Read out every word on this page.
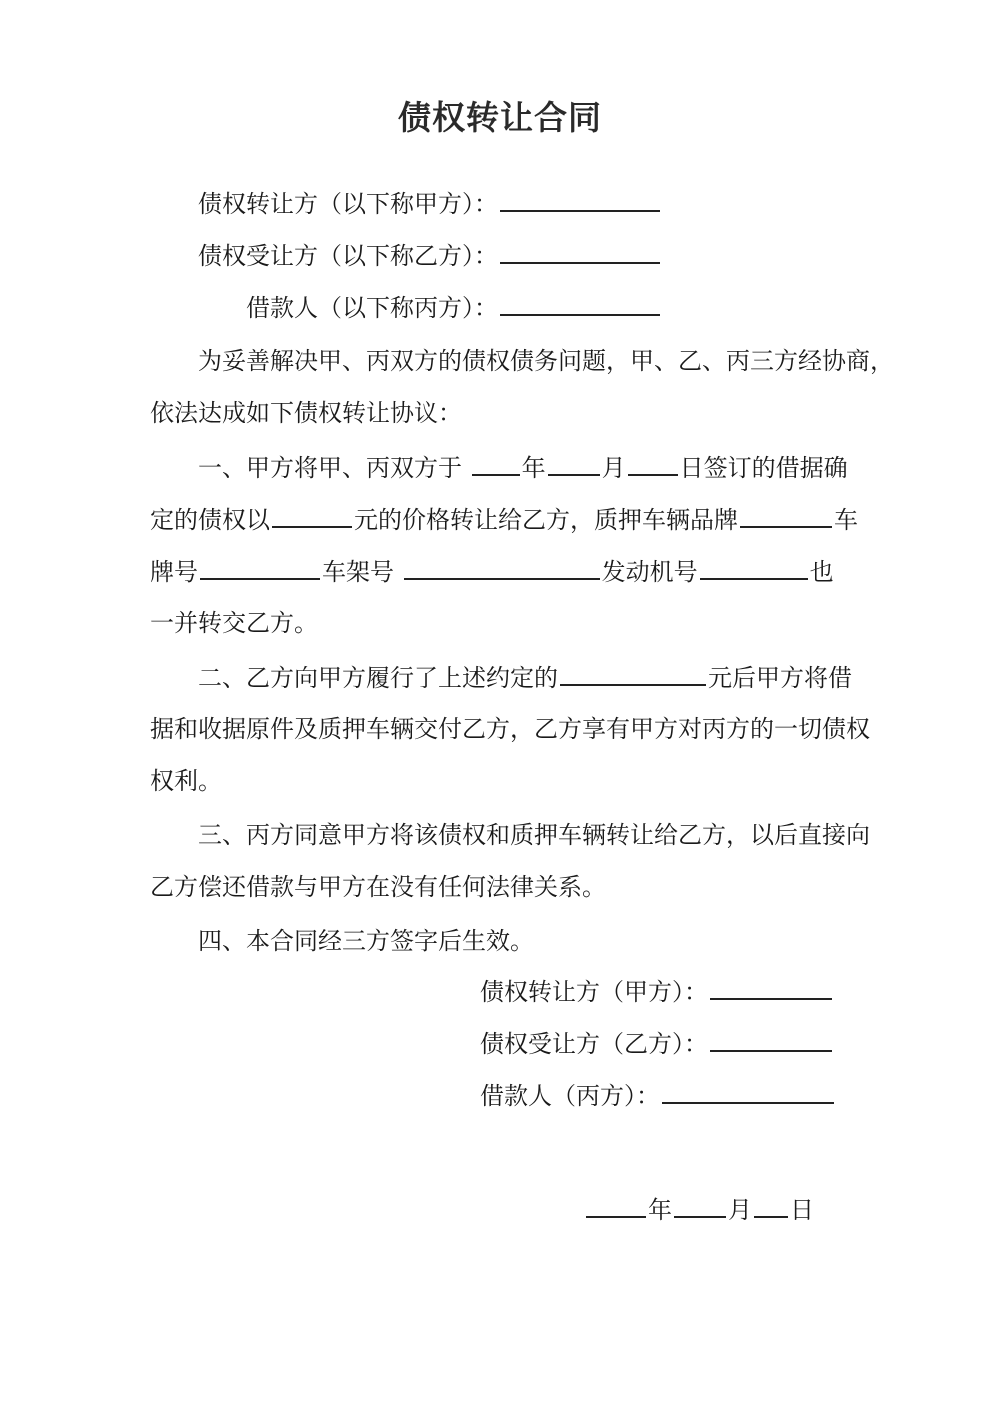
债权转让合同
债权转让方（以下称甲方）：
债权受让方（以下称乙方）：
借款人（以下称丙方）：
为妥善解决甲、丙双方的债权债务问题，甲、乙、丙三方经协商，
依法达成如下债权转让协议：
一、甲方将甲、丙双方于 年 月 日签订的借据确
定的债权以	元的价格转让给乙方，质押车辆品牌	车
牌号	车架号	发动机号	也
一并转交乙方。
二、乙方向甲方履行了上述约定的	元后甲方将借
据和收据原件及质押车辆交付乙方，乙方享有甲方对丙方的一切债权
权利。
三、丙方同意甲方将该债权和质押车辆转让给乙方，以后直接向
乙方偿还借款与甲方在没有任何法律关系。
四、本合同经三方签字后生效。
债权转让方（甲方）：
债权受让方（乙方）：
借款人（丙方）：
年 月 日
